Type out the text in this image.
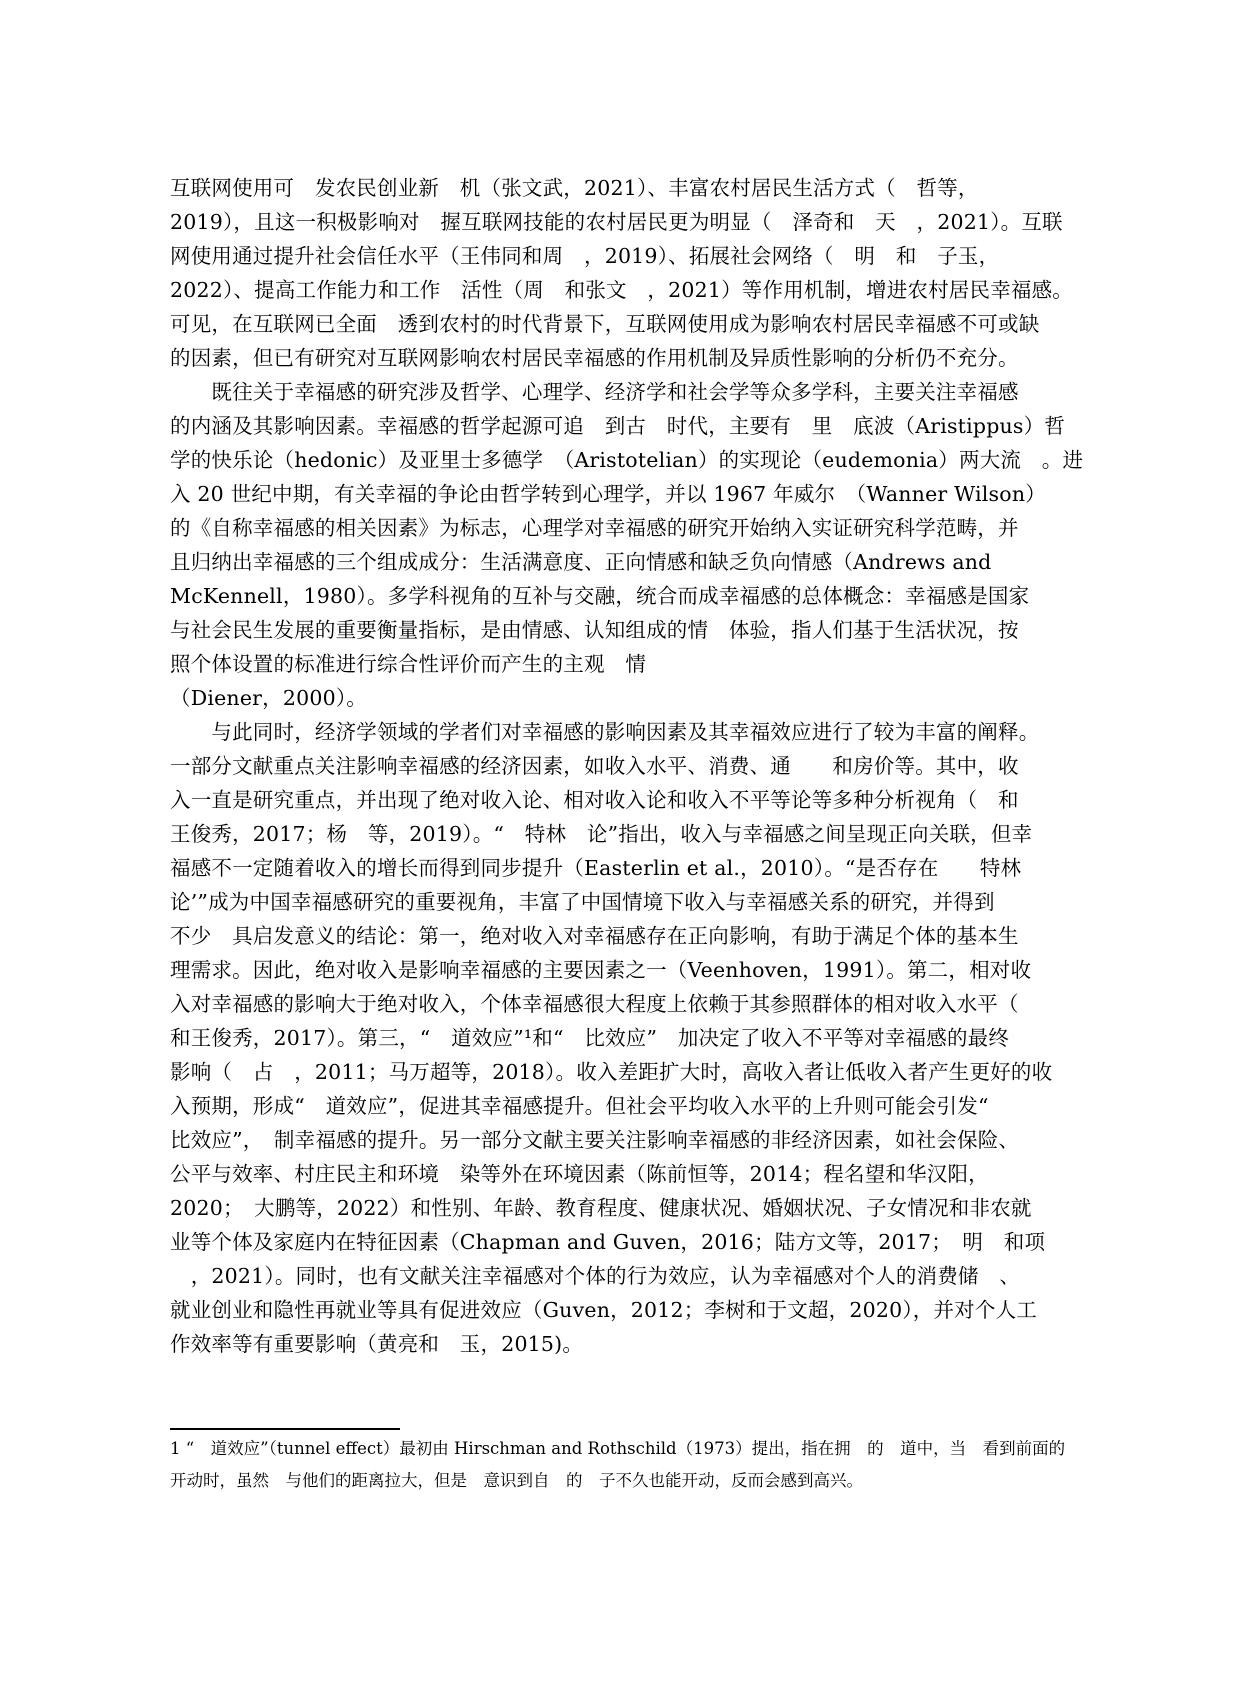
互联网使用可　发农民创业新　机（张文武，2021）、丰富农村居民生活方式（　哲等，
2019），且这一积极影响对　握互联网技能的农村居民更为明显（　泽奇和　天　，2021）。互联
网使用通过提升社会信任水平（王伟同和周　，2019）、拓展社会网络（　明　和　子玉，
2022）、提高工作能力和工作　活性（周　和张文　，2021）等作用机制，增进农村居民幸福感。
可见，在互联网已全面　透到农村的时代背景下，互联网使用成为影响农村居民幸福感不可或缺
的因素，但已有研究对互联网影响农村居民幸福感的作用机制及异质性影响的分析仍不充分。
　　既往关于幸福感的研究涉及哲学、心理学、经济学和社会学等众多学科，主要关注幸福感
的内涵及其影响因素。幸福感的哲学起源可追　到古　时代，主要有　里　底波（Aristippus）哲
学的快乐论（hedonic）及亚里士多德学　（Aristotelian）的实现论（eudemonia）两大流　。进
入 20 世纪中期，有关幸福的争论由哲学转到心理学，并以 1967 年威尔　（Wanner Wilson）
的《自称幸福感的相关因素》为标志，心理学对幸福感的研究开始纳入实证研究科学范畴，并
且归纳出幸福感的三个组成成分：生活满意度、正向情感和缺乏负向情感（Andrews and
McKennell，1980）。多学科视角的互补与交融，统合而成幸福感的总体概念：幸福感是国家
与社会民生发展的重要衡量指标，是由情感、认知组成的情　体验，指人们基于生活状况，按
照个体设置的标准进行综合性评价而产生的主观　情
（Diener，2000）。
　　与此同时，经济学领域的学者们对幸福感的影响因素及其幸福效应进行了较为丰富的阐释。
一部分文献重点关注影响幸福感的经济因素，如收入水平、消费、通　　和房价等。其中，收
入一直是研究重点，并出现了绝对收入论、相对收入论和收入不平等论等多种分析视角（　和
王俊秀，2017；杨　等，2019）。“　特林　论”指出，收入与幸福感之间呈现正向关联，但幸
福感不一定随着收入的增长而得到同步提升（Easterlin et al.，2010）。“是否存在　　特林
论’”成为中国幸福感研究的重要视角，丰富了中国情境下收入与幸福感关系的研究，并得到
不少　具启发意义的结论：第一，绝对收入对幸福感存在正向影响，有助于满足个体的基本生
理需求。因此，绝对收入是影响幸福感的主要因素之一（Veenhoven，1991）。第二，相对收
入对幸福感的影响大于绝对收入，个体幸福感很大程度上依赖于其参照群体的相对收入水平（
和王俊秀，2017）。第三，“　道效应”¹和“　比效应”　加决定了收入不平等对幸福感的最终
影响（　占　，2011；马万超等，2018）。收入差距扩大时，高收入者让低收入者产生更好的收
入预期，形成“　道效应”，促进其幸福感提升。但社会平均收入水平的上升则可能会引发“
比效应”，　制幸福感的提升。另一部分文献主要关注影响幸福感的非经济因素，如社会保险、
公平与效率、村庄民主和环境　染等外在环境因素（陈前恒等，2014；程名望和华汉阳，
2020；　大鹏等，2022）和性别、年龄、教育程度、健康状况、婚姻状况、子女情况和非农就
业等个体及家庭内在特征因素（Chapman and Guven，2016；陆方文等，2017；　明　和项
　，2021）。同时，也有文献关注幸福感对个体的行为效应，认为幸福感对个人的消费储　、
就业创业和隐性再就业等具有促进效应（Guven，2012；李树和于文超，2020），并对个人工
作效率等有重要影响（黄亮和　玉，2015)。
1 “　道效应”（tunnel effect）最初由 Hirschman and Rothschild（1973）提出，指在拥　的　道中，当　看到前面的
开动时，虽然　与他们的距离拉大，但是　意识到自　的　子不久也能开动，反而会感到高兴。
